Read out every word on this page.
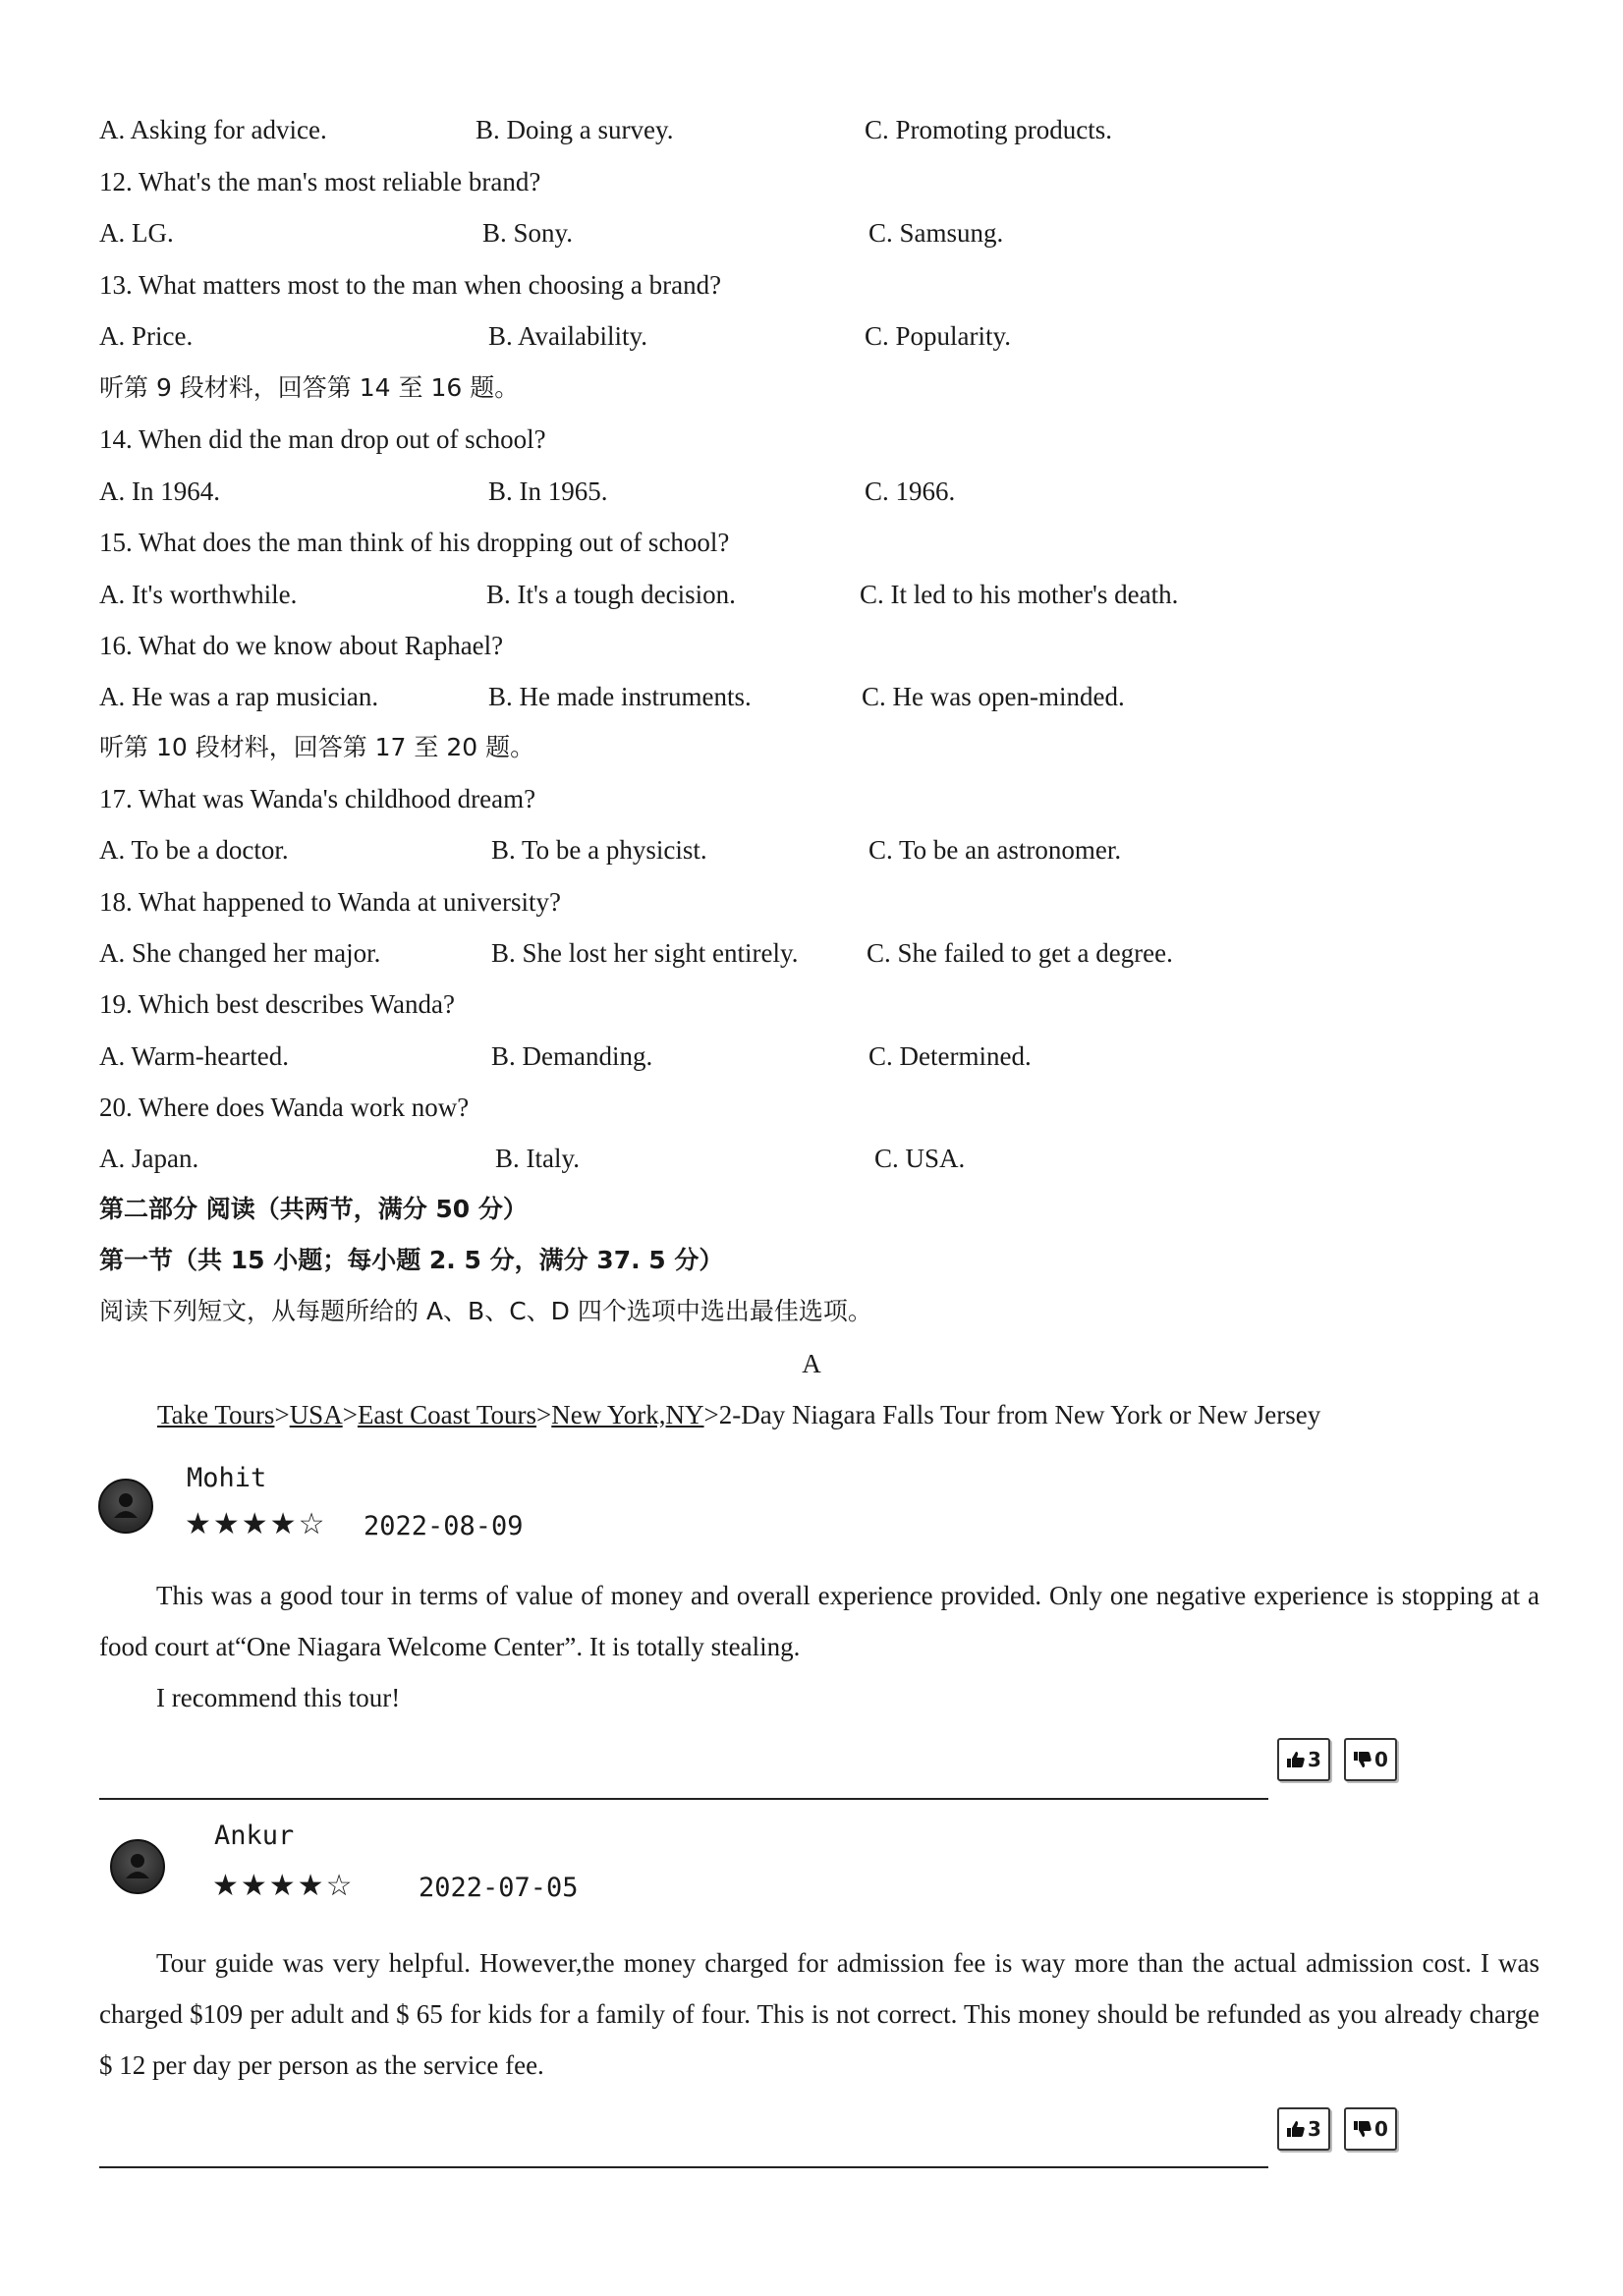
A. Asking for advice.	B. Doing a survey.	C. Promoting products.
12. What's the man's most reliable brand?
A. LG.	B. Sony.	C. Samsung.
13. What matters most to the man when choosing a brand?
A. Price.	B. Availability.	C. Popularity.
听第 9 段材料，回答第 14 至 16 题。
14. When did the man drop out of school?
A. In 1964.	B. In 1965.	C. 1966.
15. What does the man think of his dropping out of school?
A. It's worthwhile.	B. It's a tough decision.	C. It led to his mother's death.
16. What do we know about Raphael?
A. He was a rap musician.	B. He made instruments.	C. He was open-minded.
听第 10 段材料，回答第 17 至 20 题。
17. What was Wanda's childhood dream?
A. To be a doctor.	B. To be a physicist.	C. To be an astronomer.
18. What happened to Wanda at university?
A. She changed her major.	B. She lost her sight entirely.	C. She failed to get a degree.
19. Which best describes Wanda?
A. Warm-hearted.	B. Demanding.	C. Determined.
20. Where does Wanda work now?
A. Japan.	B. Italy.	C. USA.
第二部分 阅读（共两节，满分 50 分）
第一节（共 15 小题；每小题 2. 5 分，满分 37. 5 分）
阅读下列短文，从每题所给的 A、B、C、D 四个选项中选出最佳选项。
A
Take Tours>USA>East Coast Tours>New York,NY>2-Day Niagara Falls Tour from New York or New Jersey
Mohit
★★★★☆ 2022-08-09
This was a good tour in terms of value of money and overall experience provided. Only one negative experience is stopping at a food court at“One Niagara Welcome Center”. It is totally stealing.
I recommend this tour!
3	0
Ankur
★★★★☆ 2022-07-05
Tour guide was very helpful. However,the money charged for admission fee is way more than the actual admission cost. I was charged $109 per adult and $ 65 for kids for a family of four. This is not correct. This money should be refunded as you already charge $ 12 per day per person as the service fee.
3	0
